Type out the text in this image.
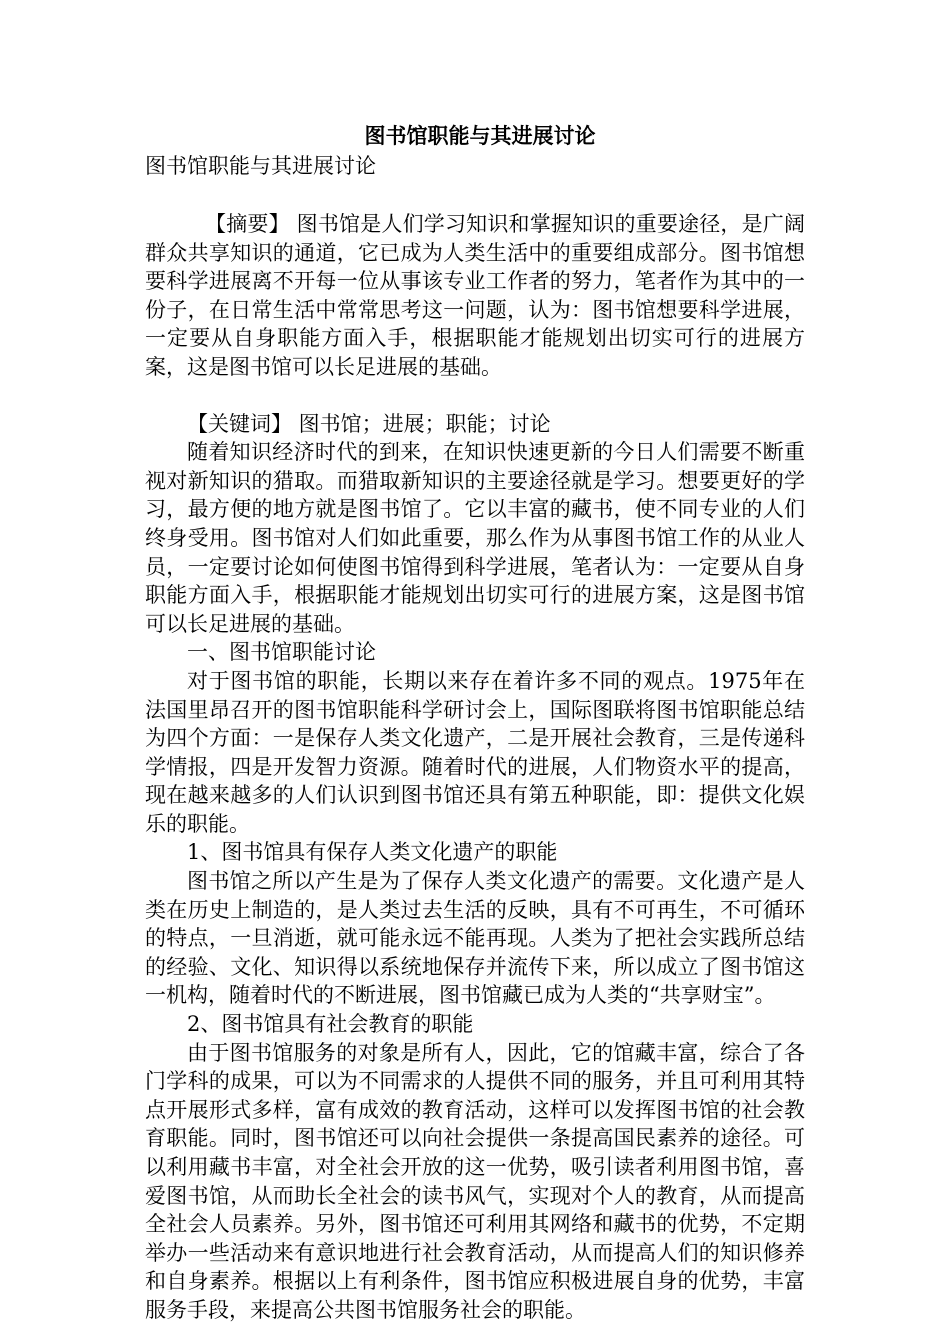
图书馆职能与其进展讨论

图书馆职能与其进展讨论

【摘要】 图书馆是人们学习知识和掌握知识的重要途径，是广阔群众共享知识的通道，它已成为人类生活中的重要组成部分。图书馆想要科学进展离不开每一位从事该专业工作者的努力，笔者作为其中的一份子，在日常生活中常常思考这一问题，认为：图书馆想要科学进展，一定要从自身职能方面入手，根据职能才能规划出切实可行的进展方案，这是图书馆可以长足进展的基础。

【关键词】 图书馆；进展；职能；讨论

随着知识经济时代的到来，在知识快速更新的今日人们需要不断重视对新知识的猎取。而猎取新知识的主要途径就是学习。想要更好的学习，最方便的地方就是图书馆了。它以丰富的藏书，使不同专业的人们终身受用。图书馆对人们如此重要，那么作为从事图书馆工作的从业人员，一定要讨论如何使图书馆得到科学进展，笔者认为：一定要从自身职能方面入手，根据职能才能规划出切实可行的进展方案，这是图书馆可以长足进展的基础。

一、图书馆职能讨论

对于图书馆的职能，长期以来存在着许多不同的观点。1975年在法国里昂召开的图书馆职能科学研讨会上，国际图联将图书馆职能总结为四个方面：一是保存人类文化遗产，二是开展社会教育，三是传递科学情报，四是开发智力资源。随着时代的进展，人们物资水平的提高，现在越来越多的人们认识到图书馆还具有第五种职能，即：提供文化娱乐的职能。

1、图书馆具有保存人类文化遗产的职能

图书馆之所以产生是为了保存人类文化遗产的需要。文化遗产是人类在历史上制造的，是人类过去生活的反映，具有不可再生，不可循环的特点，一旦消逝，就可能永远不能再现。人类为了把社会实践所总结的经验、文化、知识得以系统地保存并流传下来，所以成立了图书馆这一机构，随着时代的不断进展，图书馆藏已成为人类的“共享财宝”。

2、图书馆具有社会教育的职能

由于图书馆服务的对象是所有人，因此，它的馆藏丰富，综合了各门学科的成果，可以为不同需求的人提供不同的服务，并且可利用其特点开展形式多样，富有成效的教育活动，这样可以发挥图书馆的社会教育职能。同时，图书馆还可以向社会提供一条提高国民素养的途径。可以利用藏书丰富，对全社会开放的这一优势，吸引读者利用图书馆，喜爱图书馆，从而助长全社会的读书风气，实现对个人的教育，从而提高全社会人员素养。另外，图书馆还可利用其网络和藏书的优势，不定期举办一些活动来有意识地进行社会教育活动，从而提高人们的知识修养和自身素养。根据以上有利条件，图书馆应积极进展自身的优势，丰富服务手段，来提高公共图书馆服务社会的职能。
